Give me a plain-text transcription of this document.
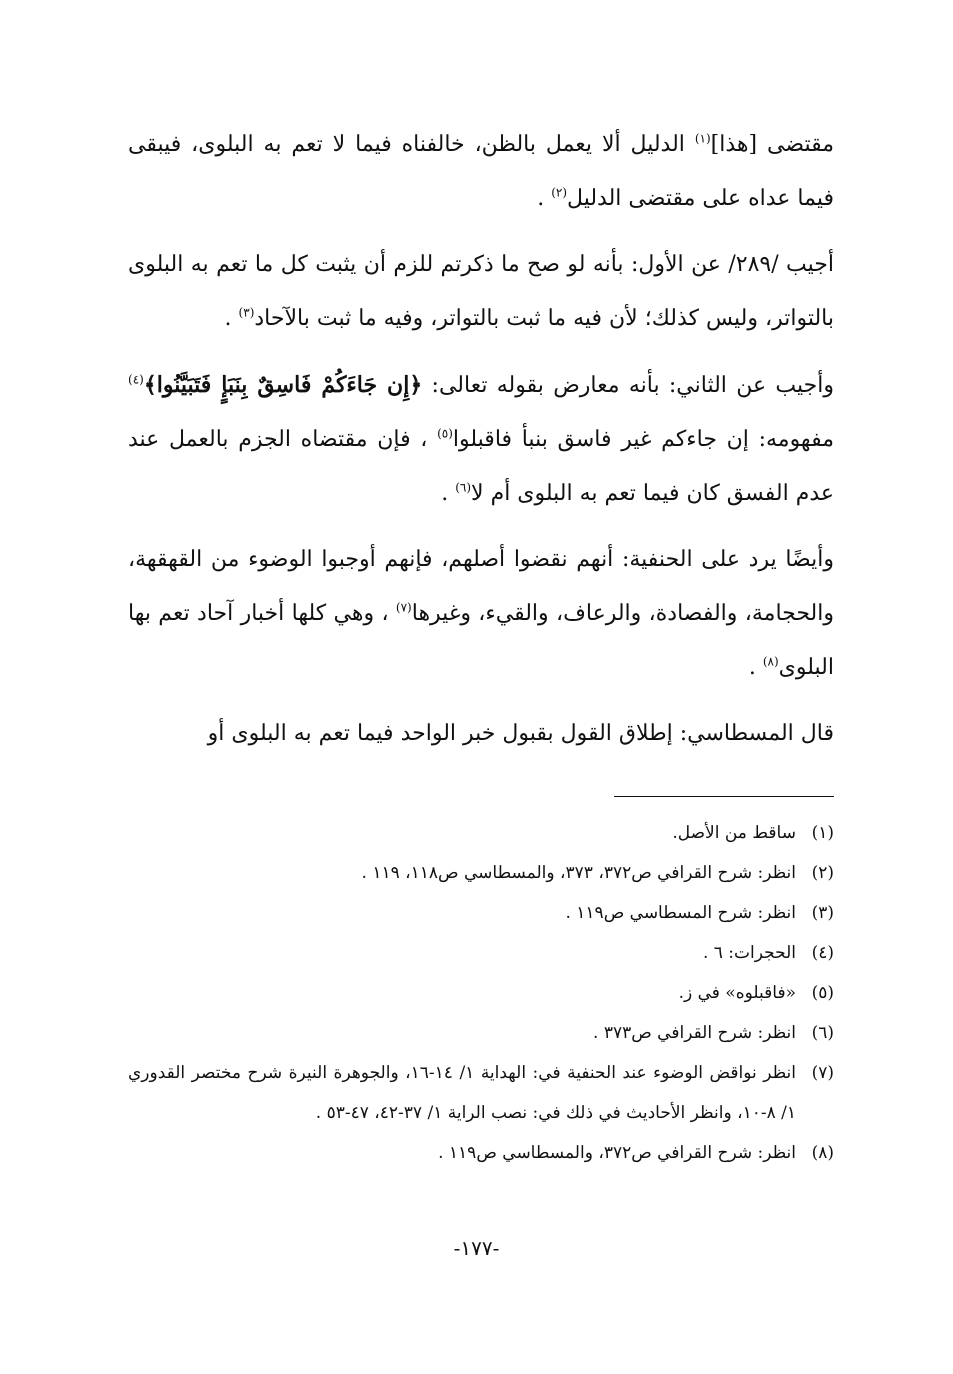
مقتضى [هذا]$^{(١)}$ الدليل ألا يعمل بالظن، خالفناه فيما لا تعم به البلوى، فيبقى فيما عداه على مقتضى الدليل$^{(٢)}$ .

أجيب /٢٨٩/ عن الأول: بأنه لو صح ما ذكرتم للزم أن يثبت كل ما تعم به البلوى بالتواتر، وليس كذلك؛ لأن فيه ما ثبت بالتواتر، وفيه ما ثبت بالآحاد$^{(٣)}$ .

وأجيب عن الثاني: بأنه معارض بقوله تعالى: ﴿إِن جَاءَكُمْ فَاسِقٌ بِنَبَإٍ فَتَبَيَّنُوا﴾$^{(٤)}$ مفهومه: إن جاءكم غير فاسق بنبأ فاقبلوا$^{(٥)}$ ، فإن مقتضاه الجزم بالعمل عند عدم الفسق كان فيما تعم به البلوى أم لا$^{(٦)}$ .

وأيضًا يرد على الحنفية: أنهم نقضوا أصلهم، فإنهم أوجبوا الوضوء من القهقهة، والحجامة، والفصادة، والرعاف، والقيء، وغيرها$^{(٧)}$ ، وهي كلها أخبار آحاد تعم بها البلوى$^{(٨)}$ .

قال المسطاسي: إطلاق القول بقبول خبر الواحد فيما تعم به البلوى أو

(١)
ساقط من الأصل.
(٢)
انظر: شرح القرافي ص٣٧٢، ٣٧٣، والمسطاسي ص١١٨، ١١٩ .
(٣)
انظر: شرح المسطاسي ص١١٩ .
(٤)
الحجرات: ٦ .
(٥)
«فاقبلوه» في ز.
(٦)
انظر: شرح القرافي ص٣٧٣ .
(٧)
انظر نواقض الوضوء عند الحنفية في: الهداية ١/ ١٤-١٦، والجوهرة النيرة شرح مختصر القدوري ١/ ٨-١٠، وانظر الأحاديث في ذلك في: نصب الراية ١/ ٣٧-٤٢، ٤٧-٥٣ .
(٨)
انظر: شرح القرافي ص٣٧٢، والمسطاسي ص١١٩ .
-١٧٧-
